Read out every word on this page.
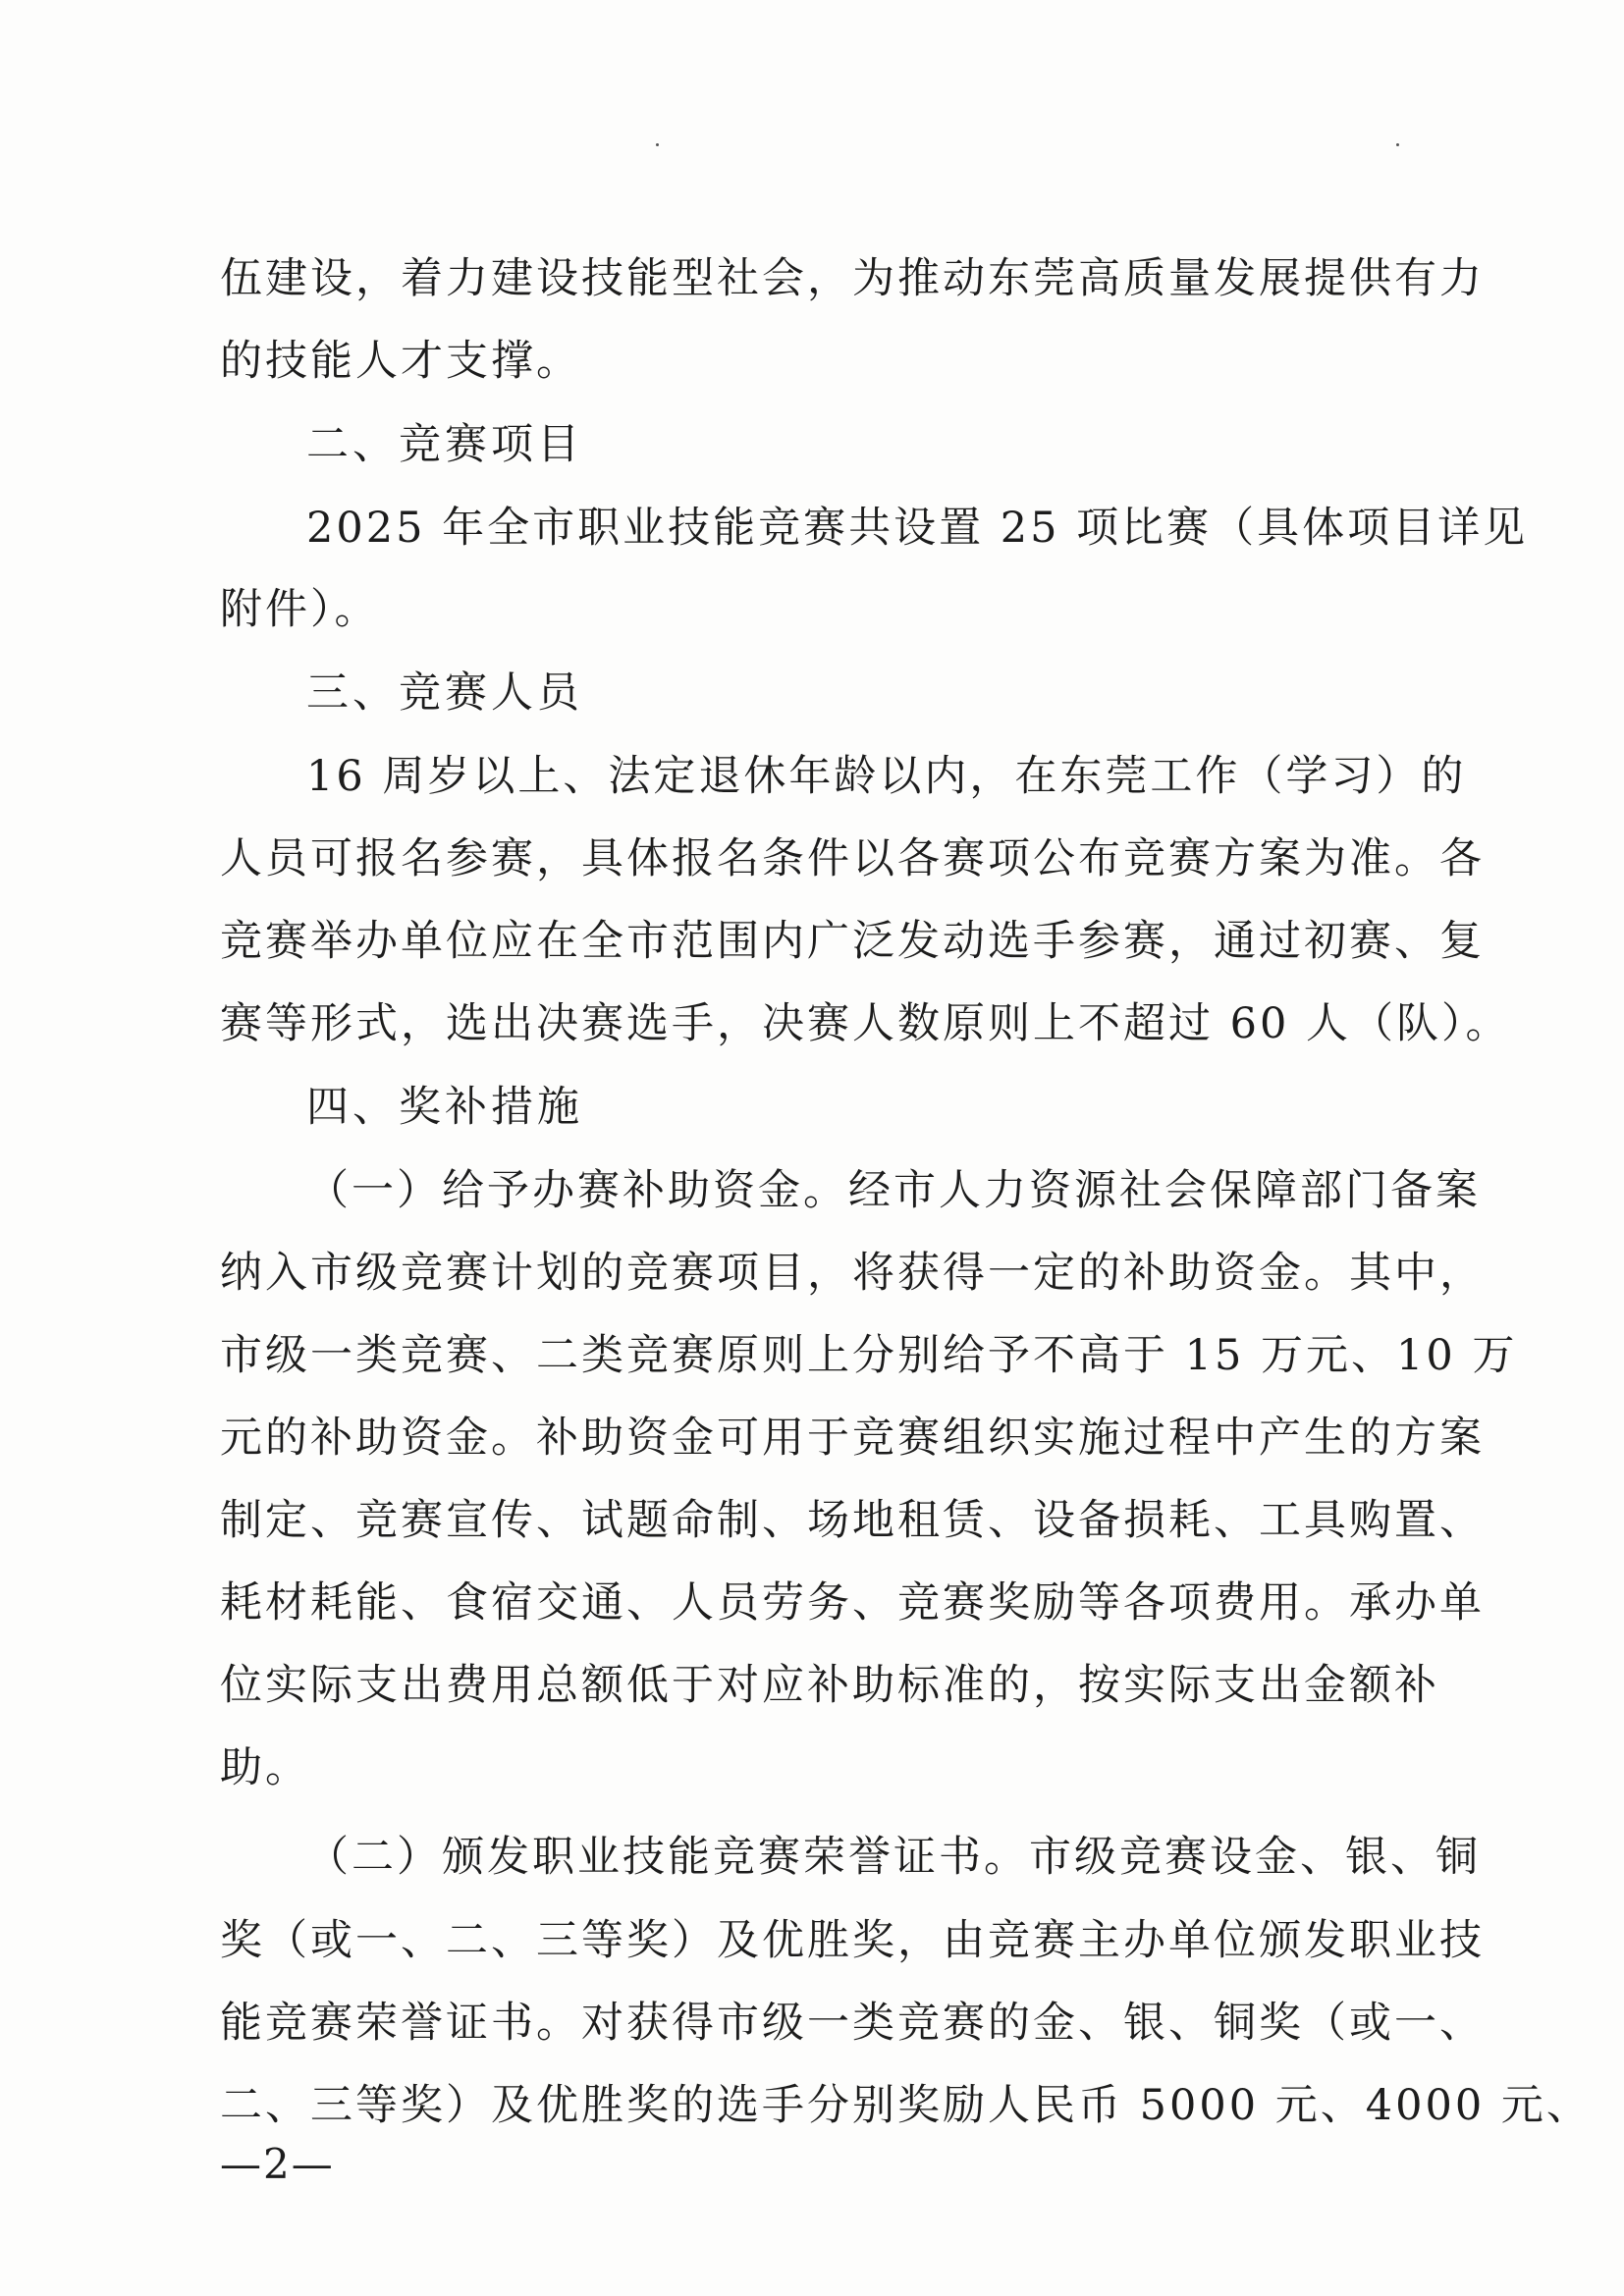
伍建设，着力建设技能型社会，为推动东莞高质量发展提供有力
的技能人才支撑。
二、竞赛项目
2025 年全市职业技能竞赛共设置 25 项比赛（具体项目详见
附件）。
三、竞赛人员
16 周岁以上、法定退休年龄以内，在东莞工作（学习）的
人员可报名参赛，具体报名条件以各赛项公布竞赛方案为准。各
竞赛举办单位应在全市范围内广泛发动选手参赛，通过初赛、复
赛等形式，选出决赛选手，决赛人数原则上不超过 60 人（队）。
四、奖补措施
（一）给予办赛补助资金。经市人力资源社会保障部门备案
纳入市级竞赛计划的竞赛项目，将获得一定的补助资金。其中，
市级一类竞赛、二类竞赛原则上分别给予不高于 15 万元、10 万
元的补助资金。补助资金可用于竞赛组织实施过程中产生的方案
制定、竞赛宣传、试题命制、场地租赁、设备损耗、工具购置、
耗材耗能、食宿交通、人员劳务、竞赛奖励等各项费用。承办单
位实际支出费用总额低于对应补助标准的，按实际支出金额补
助。
（二）颁发职业技能竞赛荣誉证书。市级竞赛设金、银、铜
奖（或一、二、三等奖）及优胜奖，由竞赛主办单位颁发职业技
能竞赛荣誉证书。对获得市级一类竞赛的金、银、铜奖（或一、
二、三等奖）及优胜奖的选手分别奖励人民币 5000 元、4000 元、
—2—
